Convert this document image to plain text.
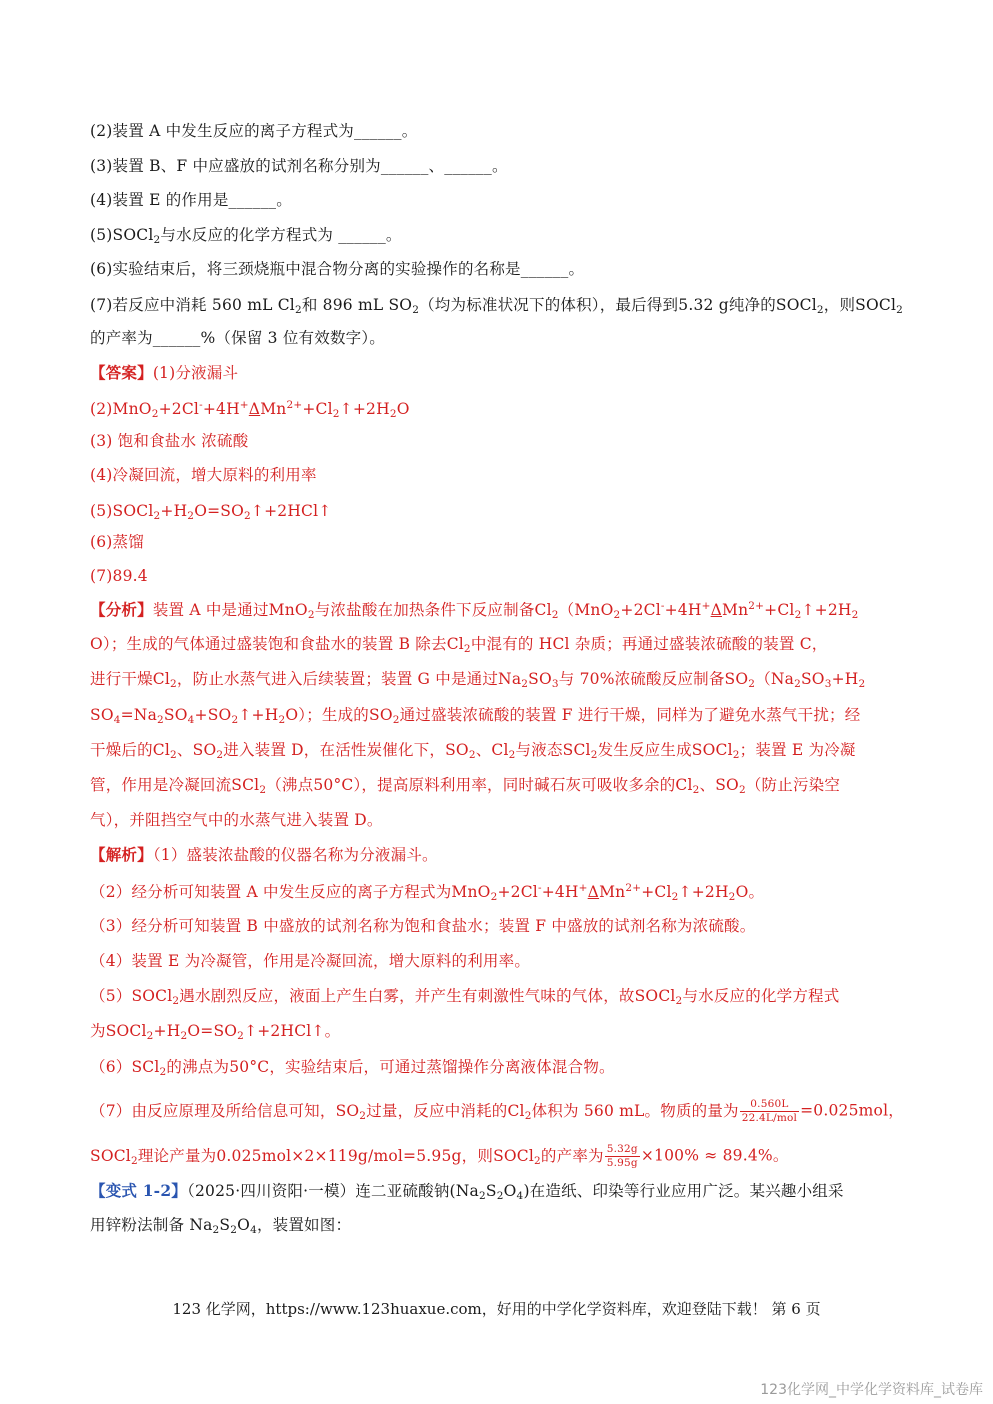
(2)装置 A 中发生反应的离子方程式为______。
(3)装置 B、F 中应盛放的试剂名称分别为______、______。
(4)装置 E 的作用是______。
(5)SOCl$_2$与水反应的化学方程式为 ______。
(6)实验结束后，将三颈烧瓶中混合物分离的实验操作的名称是______。
(7)若反应中消耗 560 mL $Cl_2$和 896 mL $SO_2$（均为标准状况下的体积），最后得到5.32 g纯净的SOCl$_2$，则SOCl$_2$
的产率为______%（保留 3 位有效数字）。
【答案】(1)分液漏斗
$(2)MnO_2+2Cl^-+4H^+\Delta Mn^{2+}+Cl_2↑+2H_2O$
(3) 饱和食盐水 浓硫酸
(4)冷凝回流，增大原料的利用率
$(5)SOCl_2+H_2O=SO_2↑+2HCl↑$
(6)蒸馏
(7)89.4
【分析】装置 A 中是通过MnO$_2$与浓盐酸在加热条件下反应制备$Cl_2(MnO_2+2Cl^-+4H^+\Delta Mn^{2+}+Cl_2↑+2H_2$
O）；生成的气体通过盛装饱和食盐水的装置 B 除去$Cl_2$中混有的 HCl 杂质；再通过盛装浓硫酸的装置 C，
进行干燥$Cl_2$，防止水蒸气进入后续装置；装置 G 中是通过$Na_2SO_3$与 70%浓硫酸反应制备$SO_2(Na_2SO_3+H_2$
$SO_4=Na_2SO_4+SO_2↑+H_2O$）；生成的$SO_2$通过盛装浓硫酸的装置 F 进行干燥，同样为了避免水蒸气干扰；经
干燥后的$Cl_2$、$SO_2$进入装置 D，在活性炭催化下，$SO_2$、$Cl_2$与液态SCl$_2$发生反应生成SOCl$_2$；装置 E 为冷凝
管，作用是冷凝回流SCl$_2$（沸点50°C），提高原料利用率，同时碱石灰可吸收多余的$Cl_2$、$SO_2$（防止污染空
气），并阻挡空气中的水蒸气进入装置 D。
【解析】（1）盛装浓盐酸的仪器名称为分液漏斗。
（2）经分析可知装置 A 中发生反应的离子方程式为$MnO_2+2Cl^-+4H^+\Delta Mn^{2+}+Cl_2↑+2H_2O$。
（3）经分析可知装置 B 中盛放的试剂名称为饱和食盐水；装置 F 中盛放的试剂名称为浓硫酸。
（4）装置 E 为冷凝管，作用是冷凝回流，增大原料的利用率。
（5）SOCl$_2$遇水剧烈反应，液面上产生白雾，并产生有刺激性气味的气体，故SOCl$_2$与水反应的化学方程式
为$SOCl_2+H_2O=SO_2↑+2HCl↑$。
（6）SCl$_2$的沸点为50°C，实验结束后，可通过蒸馏操作分离液体混合物。
（7）由反应原理及所给信息可知，$SO_2$过量，反应中消耗的$Cl_2$体积为 560 mL。物质的量为 $\frac{0.560L}{\text{22.4L/mol}} =0.025mol$，
SOCl$_2$理论产量为0.025mol×2×119g/mol=5.95g，则SOCl$_2$的产率为 $\frac{5.32g}{5.95g} \times 100\% \approx 89.4\%$。
【变式 1-2】（2025·四川资阳·一模）连二亚硫酸钠$(Na_2S_2O_4)$在造纸、印染等行业应用广泛。某兴趣小组采
用锌粉法制备 $Na_2S_2O_4$，装置如图：
123 化学网，https://www.123huaxue.com，好用的中学化学资料库，欢迎登陆下载！ 第 6 页
123化学网_中学化学资料库_试卷库
